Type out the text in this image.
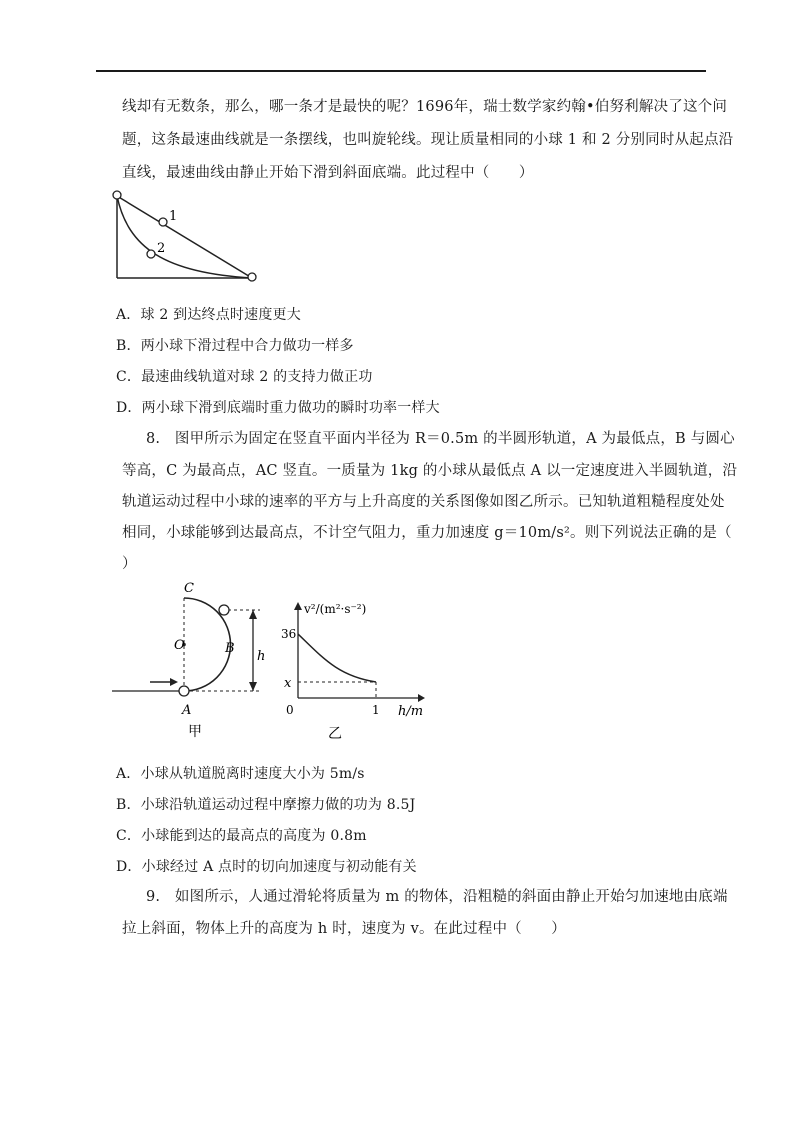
线却有无数条，那么，哪一条才是最快的呢？1696年，瑞士数学家约翰•伯努利解决了这个问
题，这条最速曲线就是一条摆线，也叫旋轮线。现让质量相同的小球 1 和 2 分别同时从起点沿
直线，最速曲线由静止开始下滑到斜面底端。此过程中（　　）
1
2
A．球 2 到达终点时速度更大
B．两小球下滑过程中合力做功一样多
C．最速曲线轨道对球 2 的支持力做正功
D．两小球下滑到底端时重力做功的瞬时功率一样大
8.　图甲所示为固定在竖直平面内半径为 R＝0.5m 的半圆形轨道，A 为最低点，B 与圆心
等高，C 为最高点，AC 竖直。一质量为 1kg 的小球从最低点 A 以一定速度进入半圆轨道，沿
轨道运动过程中小球的速率的平方与上升高度的关系图像如图乙所示。已知轨道粗糙程度处处
相同，小球能够到达最高点，不计空气阻力，重力加速度 g＝10m/s²。则下列说法正确的是（
）
C
O	B
h
A
甲
v²/(m²·s⁻²)
36
x
0	1 h/m
乙
A．小球从轨道脱离时速度大小为 5m/s
B．小球沿轨道运动过程中摩擦力做的功为 8.5J
C．小球能到达的最高点的高度为 0.8m
D．小球经过 A 点时的切向加速度与初动能有关
9.　如图所示，人通过滑轮将质量为 m 的物体，沿粗糙的斜面由静止开始匀加速地由底端
拉上斜面，物体上升的高度为 h 时，速度为 v。在此过程中（　　）
